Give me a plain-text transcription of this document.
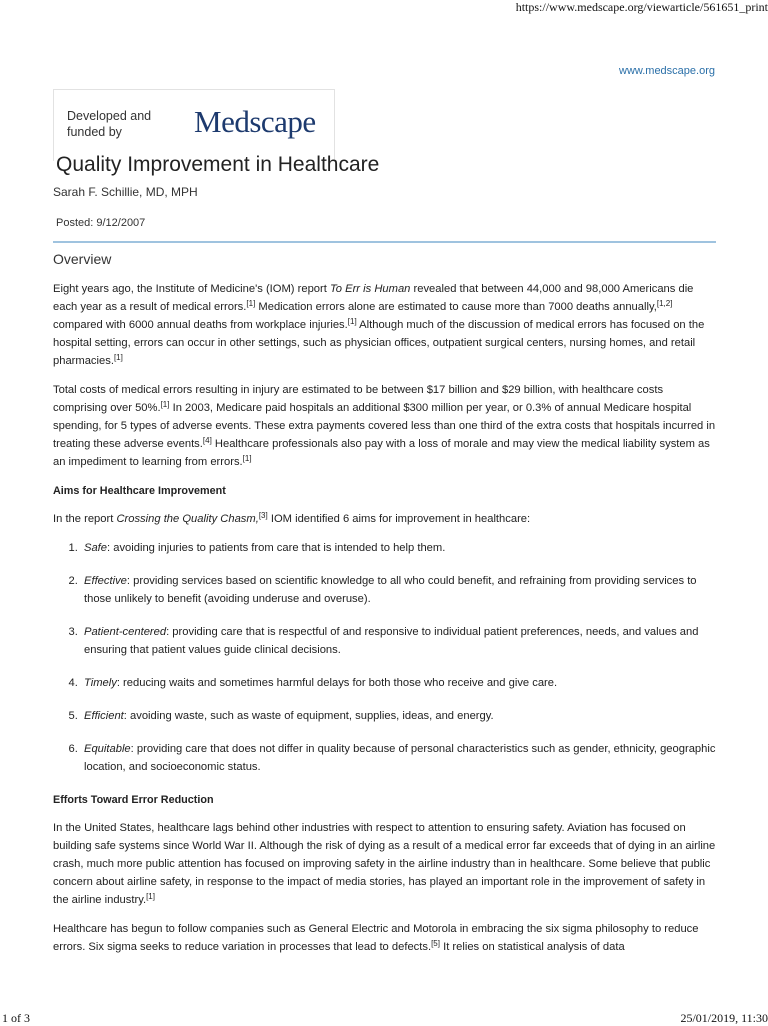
https://www.medscape.org/viewarticle/561651_print
www.medscape.org
Developed and funded by	Medscape
Quality Improvement in Healthcare
Sarah F. Schillie, MD, MPH
Posted: 9/12/2007
Overview

Eight years ago, the Institute of Medicine's (IOM) report To Err is Human revealed that between 44,000 and 98,000 Americans die each year as a result of medical errors.[1] Medication errors alone are estimated to cause more than 7000 deaths annually,[1,2] compared with 6000 annual deaths from workplace injuries.[1] Although much of the discussion of medical errors has focused on the hospital setting, errors can occur in other settings, such as physician offices, outpatient surgical centers, nursing homes, and retail pharmacies.[1]

Total costs of medical errors resulting in injury are estimated to be between $17 billion and $29 billion, with healthcare costs comprising over 50%.[1] In 2003, Medicare paid hospitals an additional $300 million per year, or 0.3% of annual Medicare hospital spending, for 5 types of adverse events. These extra payments covered less than one third of the extra costs that hospitals incurred in treating these adverse events.[4] Healthcare professionals also pay with a loss of morale and may view the medical liability system as an impediment to learning from errors.[1]

Aims for Healthcare Improvement

In the report Crossing the Quality Chasm,[3] IOM identified 6 aims for improvement in healthcare:

1. Safe: avoiding injuries to patients from care that is intended to help them.
2. Effective: providing services based on scientific knowledge to all who could benefit, and refraining from providing services to those unlikely to benefit (avoiding underuse and overuse).
3. Patient-centered: providing care that is respectful of and responsive to individual patient preferences, needs, and values and ensuring that patient values guide clinical decisions.
4. Timely: reducing waits and sometimes harmful delays for both those who receive and give care.
5. Efficient: avoiding waste, such as waste of equipment, supplies, ideas, and energy.
6. Equitable: providing care that does not differ in quality because of personal characteristics such as gender, ethnicity, geographic location, and socioeconomic status.
Efforts Toward Error Reduction

In the United States, healthcare lags behind other industries with respect to attention to ensuring safety. Aviation has focused on building safe systems since World War II. Although the risk of dying as a result of a medical error far exceeds that of dying in an airline crash, much more public attention has focused on improving safety in the airline industry than in healthcare. Some believe that public concern about airline safety, in response to the impact of media stories, has played an important role in the improvement of safety in the airline industry.[1]

Healthcare has begun to follow companies such as General Electric and Motorola in embracing the six sigma philosophy to reduce errors. Six sigma seeks to reduce variation in processes that lead to defects.[5] It relies on statistical analysis of data

1 of 3	25/01/2019, 11:30
